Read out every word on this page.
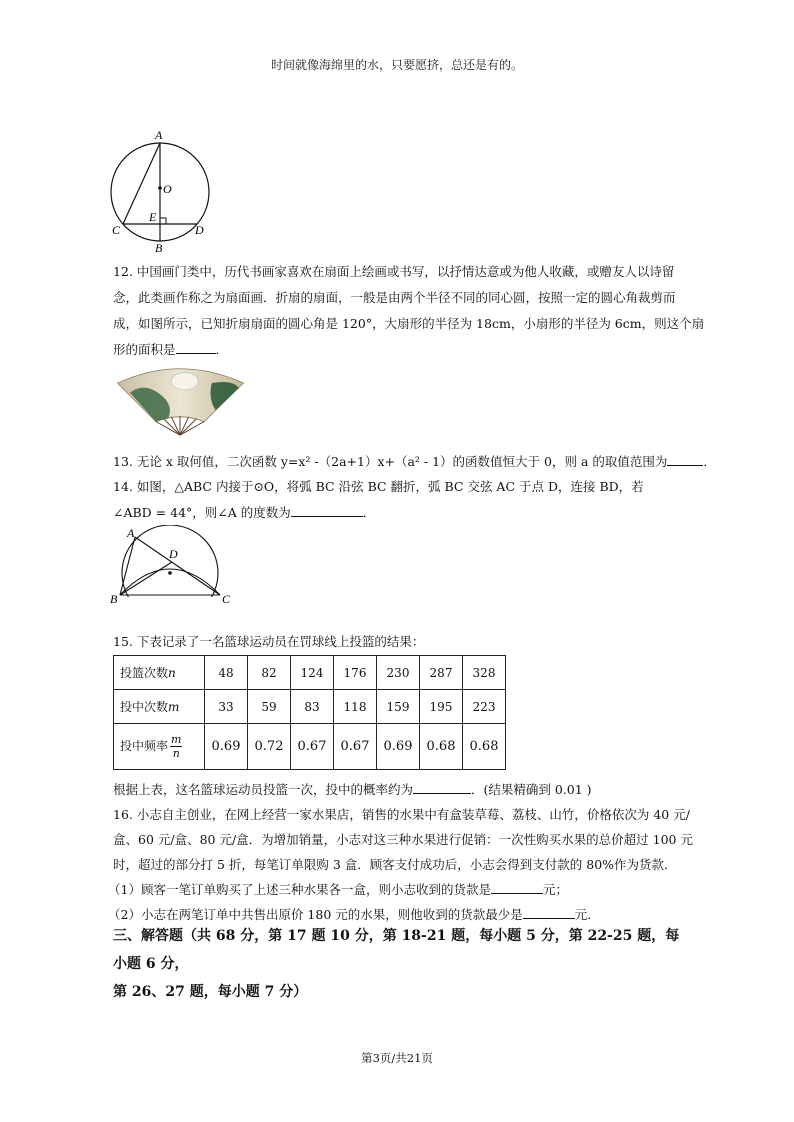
时间就像海绵里的水，只要愿挤，总还是有的。
A
O
E
C
B
D
12. 中国画门类中，历代书画家喜欢在扇面上绘画或书写，以抒情达意或为他人收藏，或赠友人以诗留
念，此类画作称之为扇面画．折扇的扇面，一般是由两个半径不同的同心圆，按照一定的圆心角裁剪而
成，如图所示，已知折扇扇面的圆心角是 120°，大扇形的半径为 18cm，小扇形的半径为 6cm，则这个扇
形的面积是	．
13. 无论 x 取何值，二次函数 y=x² -（2a+1）x+（a² - 1）的函数值恒大于 0，则 a 的取值范围为	．
14. 如图，△ABC 内接于⊙O，将弧 BC 沿弦 BC 翻折，弧 BC 交弦 AC 于点 D，连接 BD，若
∠ABD = 44°，则∠A 的度数为	．
A
D
B	C
15. 下表记录了一名篮球运动员在罚球线上投篮的结果：
投篮次数n	48	82	124	176	230	287	328
投中次数m	33	59	83	118	159	195	223
投中频率 $\frac{m}{n}$	0.69	0.72	0.67	0.67	0.69	0.68	0.68
根据上表，这名篮球运动员投篮一次，投中的概率约为	．(结果精确到 0.01 )
16. 小志自主创业，在网上经营一家水果店，销售的水果中有盒装草莓、荔枝、山竹，价格依次为 40 元/
盒、60 元/盒、80 元/盒．为增加销量，小志对这三种水果进行促销：一次性购买水果的总价超过 100 元
时，超过的部分打 5 折，每笔订单限购 3 盒．顾客支付成功后，小志会得到支付款的 80%作为货款．
（1）顾客一笔订单购买了上述三种水果各一盒，则小志收到的货款是	元；
（2）小志在两笔订单中共售出原价 180 元的水果，则他收到的货款最少是	元．
三、解答题（共 68 分，第 17 题 10 分，第 18-21 题，每小题 5 分，第 22-25 题，每小题 6 分，
第 26、27 题，每小题 7 分）
第3页/共21页
